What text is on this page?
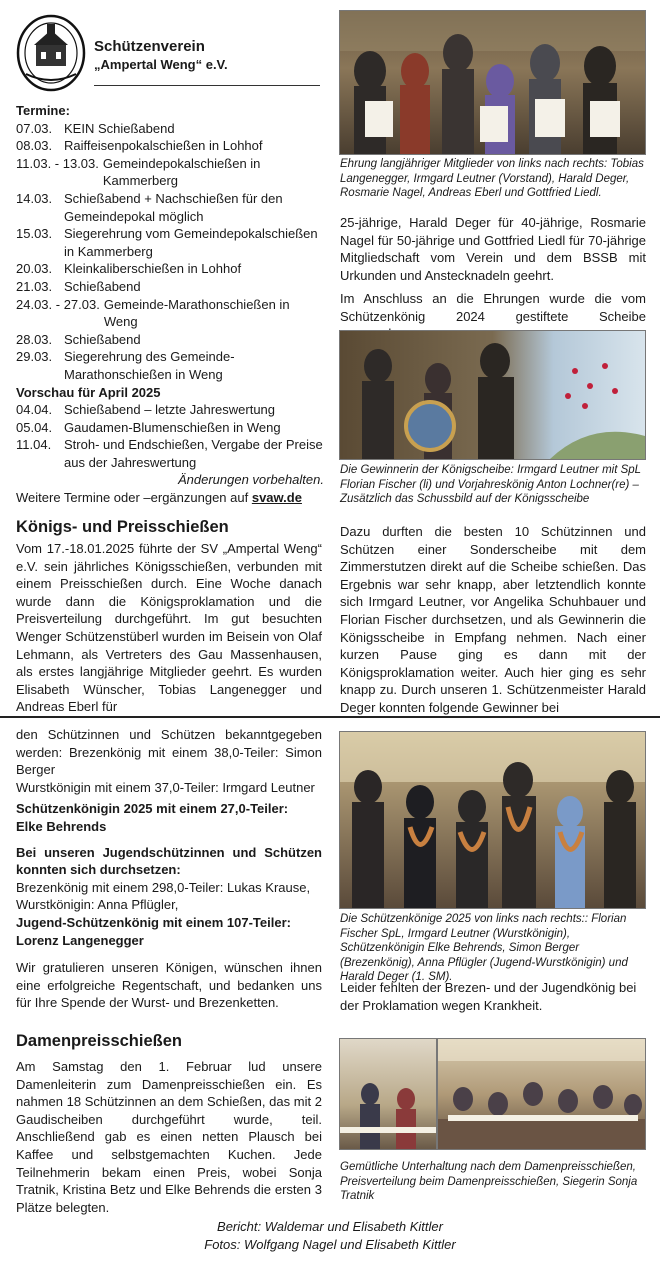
Schützenverein
„Ampertal Weng“ e.V.
Termine:
07.03. KEIN Schießabend
08.03. Raiffeisenpokalschießen in Lohhof
11.03. - 13.03. Gemeindepokalschießen in Kammerberg
14.03. Schießabend + Nachschießen für den Gemeindepokal möglich
15.03. Siegerehrung vom Gemeindepokalschießen in Kammerberg
20.03. Kleinkaliberschießen in Lohhof
21.03. Schießabend
24.03. - 27.03. Gemeinde-Marathonschießen in Weng
28.03. Schießabend
29.03. Siegerehrung des Gemeinde-Marathonschießen in Weng
Vorschau für April 2025
04.04. Schießabend – letzte Jahreswertung
05.04. Gaudamen-Blumenschießen in Weng
11.04. Stroh- und Endschießen, Vergabe der Preise aus der Jahreswertung
Änderungen vorbehalten.
Weitere Termine oder –ergänzungen auf svaw.de
Königs- und Preisschießen
Vom 17.-18.01.2025 führte der SV „Ampertal Weng“ e.V. sein jährliches Königsschießen, verbunden mit einem Preisschießen durch. Eine Woche danach wurde dann die Königsproklamation und die Preisverteilung durchgeführt. Im gut besuchten Wenger Schützenstüberl wurden im Beisein von Olaf Lehmann, als Vertreters des Gau Massenhausen, als erstes langjährige Mitglieder geehrt. Es wurden Elisabeth Wünscher, Tobias Langenegger und Andreas Eberl für
Ehrung langjähriger Mitglieder von links nach rechts: Tobias Langenegger, Irmgard Leutner (Vorstand), Harald Deger, Rosmarie Nagel, Andreas Eberl und Gottfried Liedl.
25-jährige, Harald Deger für 40-jährige, Rosmarie Nagel für 50-jährige und Gottfried Liedl für 70-jährige Mitgliedschaft vom Verein und dem BSSB mit Urkunden und Anstecknadeln geehrt.
Im Anschluss an die Ehrungen wurde die vom Schützenkönig 2024 gestiftete Scheibe
Die Gewinnerin der Königscheibe: Irmgard Leutner mit SpL Florian Fischer (li) und Vorjahreskönig Anton Lochner(re) – Zusätzlich das Schussbild auf der Königsscheibe
Dazu durften die besten 10 Schützinnen und Schützen einer Sonderscheibe mit dem Zimmerstutzen direkt auf die Scheibe schießen. Das Ergebnis war sehr knapp, aber letztendlich konnte sich Irmgard Leutner, vor Angelika Schuhbauer und Florian Fischer durchsetzen, und als Gewinnerin die Königsscheibe in Empfang nehmen. Nach einer kurzen Pause ging es dann mit der Königsproklamation weiter. Auch hier ging es sehr knapp zu. Durch unseren 1. Schützenmeister Harald Deger konnten folgende Gewinner bei
den Schützinnen und Schützen bekanntgegeben werden: Brezenkönig mit einem 38,0-Teiler: Simon Berger
Wurstkönigin mit einem 37,0-Teiler: Irmgard Leutner
Schützenkönigin 2025 mit einem 27,0-Teiler:
Elke Behrends
Bei unseren Jugendschützinnen und Schützen konnten sich durchsetzen:
Brezenkönig mit einem 298,0-Teiler: Lukas Krause,
Wurstkönigin: Anna Pflügler,
Jugend-Schützenkönig mit einem 107-Teiler:
Lorenz Langenegger
Wir gratulieren unseren Königen, wünschen ihnen eine erfolgreiche Regentschaft, und bedanken uns für Ihre Spende der Wurst- und Brezenketten.
Die Schützenkönige 2025 von links nach rechts:: Florian Fischer SpL, Irmgard Leutner (Wurstkönigin), Schützenkönigin Elke Behrends, Simon Berger (Brezenkönig), Anna Pflügler (Jugend-Wurstkönigin) und Harald Deger (1. SM).
Leider fehlten der Brezen- und der Jugendkönig bei der Proklamation wegen Krankheit.
Damenpreisschießen
Am Samstag den 1. Februar lud unsere Damenleiterin zum Damenpreisschießen ein. Es nahmen 18 Schützinnen an dem Schießen, das mit 2 Gaudischeiben durchgeführt wurde, teil. Anschließend gab es einen netten Plausch bei Kaffee und selbstgemachten Kuchen. Jede Teilnehmerin bekam einen Preis, wobei Sonja Tratnik, Kristina Betz und Elke Behrends die ersten 3 Plätze belegten.
Gemütliche Unterhaltung nach dem Damenpreisschießen, Preisverteilung beim Damenpreisschießen, Siegerin Sonja Tratnik
Bericht: Waldemar und Elisabeth Kittler
Fotos: Wolfgang Nagel und Elisabeth Kittler
